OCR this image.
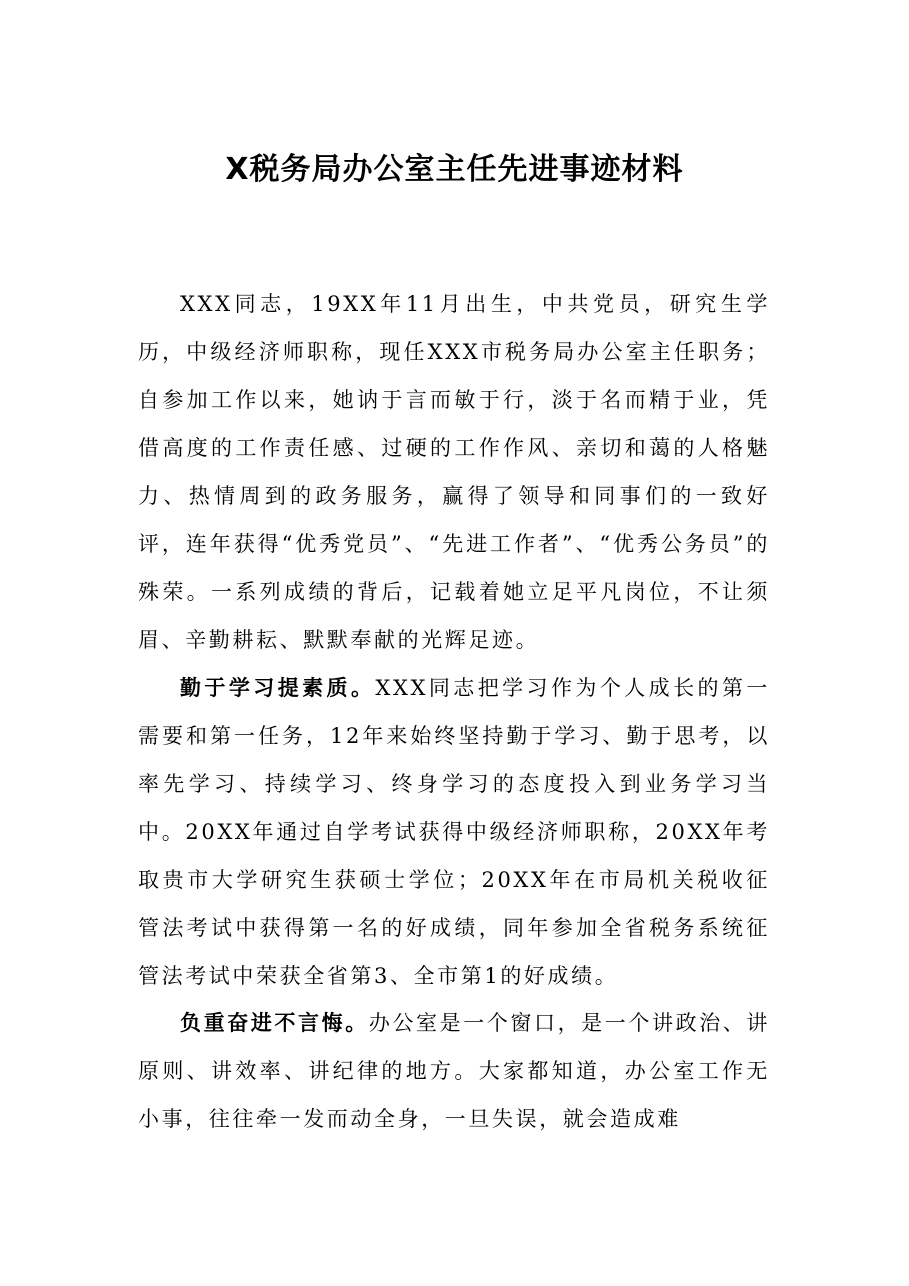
X税务局办公室主任先进事迹材料

XXX同志，19XX年11月出生，中共党员，研究生学历，中级经济师职称，现任XXX市税务局办公室主任职务；自参加工作以来，她讷于言而敏于行，淡于名而精于业，凭借高度的工作责任感、过硬的工作作风、亲切和蔼的人格魅力、热情周到的政务服务，赢得了领导和同事们的一致好评，连年获得“优秀党员”、“先进工作者”、“优秀公务员”的殊荣。一系列成绩的背后，记载着她立足平凡岗位，不让须眉、辛勤耕耘、默默奉献的光辉足迹。

勤于学习提素质。XXX同志把学习作为个人成长的第一需要和第一任务，12年来始终坚持勤于学习、勤于思考，以率先学习、持续学习、终身学习的态度投入到业务学习当中。20XX年通过自学考试获得中级经济师职称，20XX年考取贵市大学研究生获硕士学位；20XX年在市局机关税收征管法考试中获得第一名的好成绩，同年参加全省税务系统征管法考试中荣获全省第3、全市第1的好成绩。

负重奋进不言悔。办公室是一个窗口，是一个讲政治、讲原则、讲效率、讲纪律的地方。大家都知道，办公室工作无小事，往往牵一发而动全身，一旦失误，就会造成难
